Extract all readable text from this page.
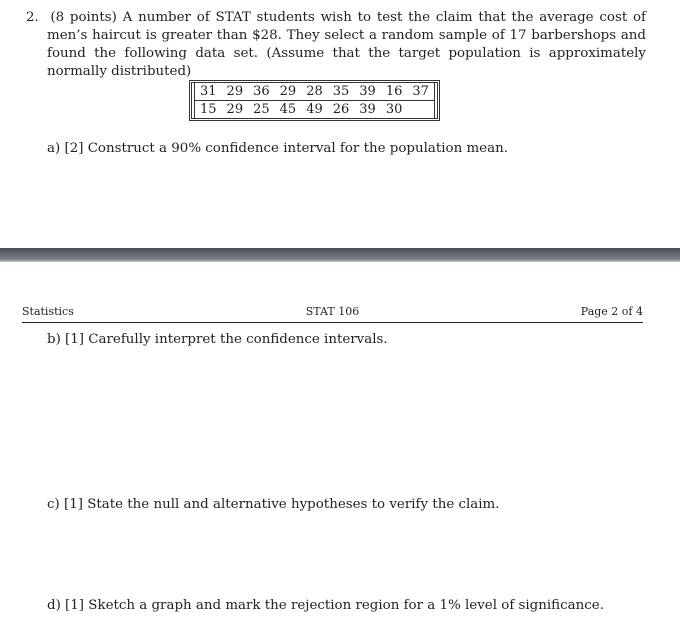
2. (8 points) A number of STAT students wish to test the claim that the average cost of men’s haircut is greater than $28. They select a random sample of 17 barbershops and found the following data set. (Assume that the target population is approximately normally distributed)
31	29	36	29	28	35	39	16	37
15	29	25	45	49	26	39	30	
a) [2] Construct a 90% confidence interval for the population mean.
Statistics	STAT 106	Page 2 of 4
b) [1] Carefully interpret the confidence intervals.
c) [1] State the null and alternative hypotheses to verify the claim.
d) [1] Sketch a graph and mark the rejection region for a 1% level of significance.
